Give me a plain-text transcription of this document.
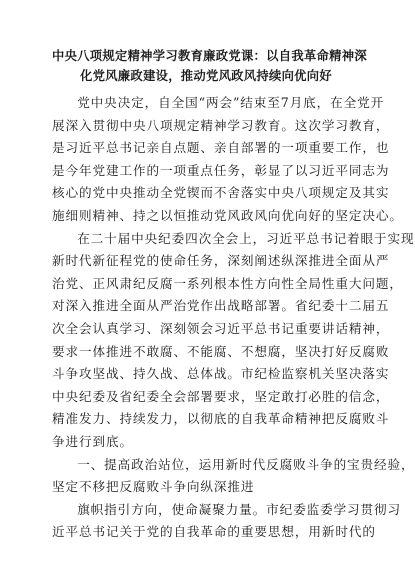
中央八项规定精神学习教育廉政党课：以自我革命精神深
化党风廉政建设，推动党风政风持续向优向好

党中央决定，自全国“两会”结束至7月底，在全党开
展深入贯彻中央八项规定精神学习教育。这次学习教育，
是习近平总书记亲自点题、亲自部署的一项重要工作，也
是今年党建工作的一项重点任务，彰显了以习近平同志为
核心的党中央推动全党锲而不舍落实中央八项规定及其实
施细则精神、持之以恒推动党风政风向优向好的坚定决心。

在二十届中央纪委四次全会上，习近平总书记着眼于实现
新时代新征程党的使命任务，深刻阐述纵深推进全面从严
治党、正风肃纪反腐一系列根本性方向性全局性重大问题，
对深入推进全面从严治党作出战略部署。省纪委十二届五
次全会认真学习、深刻领会习近平总书记重要讲话精神，
要求一体推进不敢腐、不能腐、不想腐，坚决打好反腐败
斗争攻坚战、持久战、总体战。市纪检监察机关坚决落实
中央纪委及省纪委全会部署要求，坚定敢打必胜的信念，
精准发力、持续发力，以彻底的自我革命精神把反腐败斗
争进行到底。

一、提高政治站位，运用新时代反腐败斗争的宝贵经验，
坚定不移把反腐败斗争向纵深推进

旗帜指引方向，使命凝聚力量。市纪委监委学习贯彻习
近平总书记关于党的自我革命的重要思想，用新时代的
